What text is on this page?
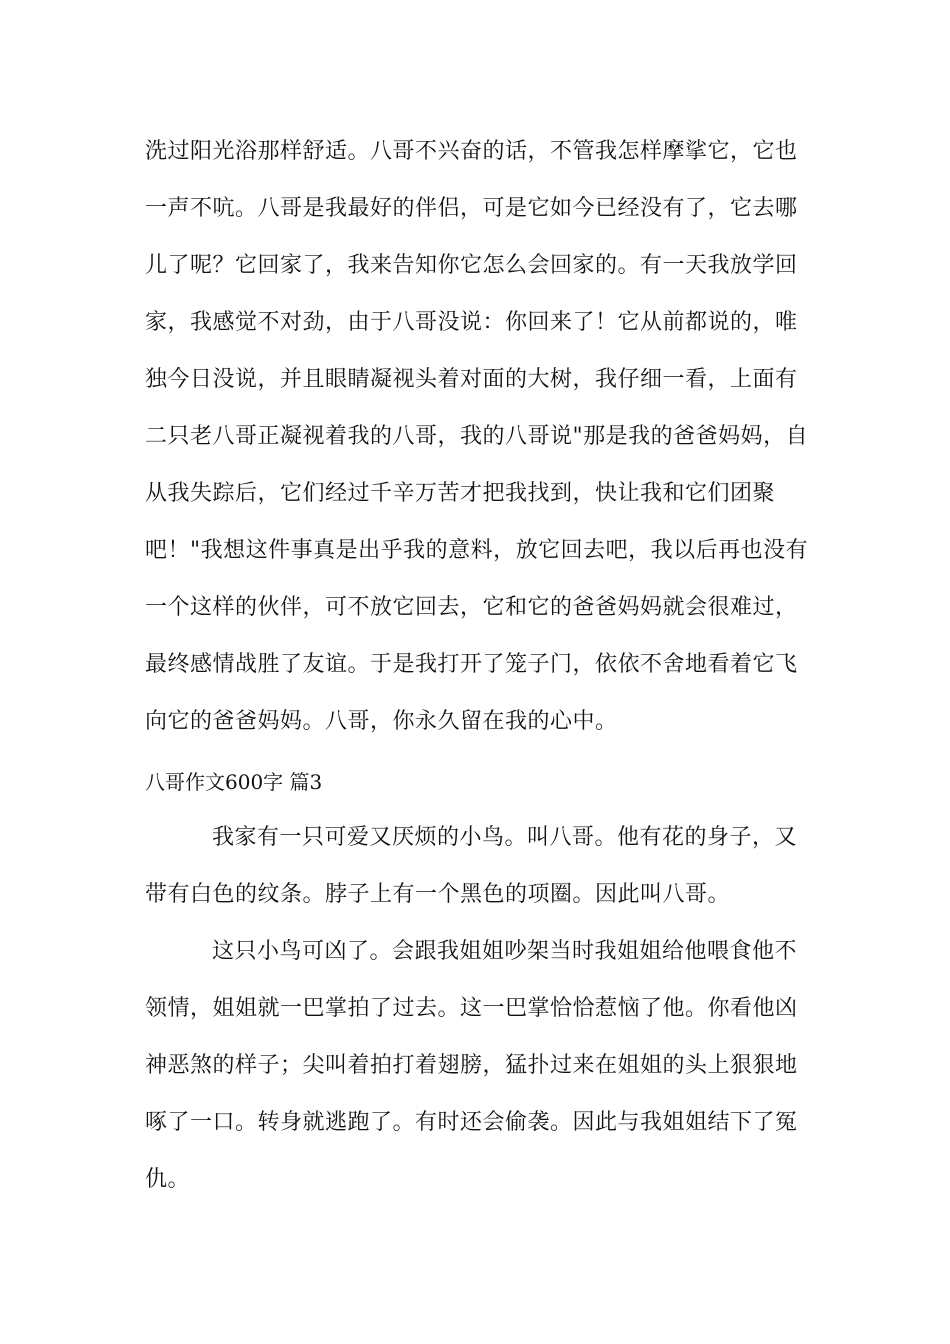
洗过阳光浴那样舒适。八哥不兴奋的话，不管我怎样摩挲它，它也
一声不吭。八哥是我最好的伴侣，可是它如今已经没有了，它去哪
儿了呢？它回家了，我来告知你它怎么会回家的。有一天我放学回
家，我感觉不对劲，由于八哥没说：你回来了！它从前都说的，唯
独今日没说，并且眼睛凝视头着对面的大树，我仔细一看，上面有
二只老八哥正凝视着我的八哥，我的八哥说"那是我的爸爸妈妈，自
从我失踪后，它们经过千辛万苦才把我找到，快让我和它们团聚
吧！"我想这件事真是出乎我的意料，放它回去吧，我以后再也没有
一个这样的伙伴，可不放它回去，它和它的爸爸妈妈就会很难过，
最终感情战胜了友谊。于是我打开了笼子门，依依不舍地看着它飞
向它的爸爸妈妈。八哥，你永久留在我的心中。
八哥作文600字 篇3
我家有一只可爱又厌烦的小鸟。叫八哥。他有花的身子，又
带有白色的纹条。脖子上有一个黑色的项圈。因此叫八哥。
这只小鸟可凶了。会跟我姐姐吵架当时我姐姐给他喂食他不
领情，姐姐就一巴掌拍了过去。这一巴掌恰恰惹恼了他。你看他凶
神恶煞的样子；尖叫着拍打着翅膀，猛扑过来在姐姐的头上狠狠地
啄了一口。转身就逃跑了。有时还会偷袭。因此与我姐姐结下了冤
仇。
